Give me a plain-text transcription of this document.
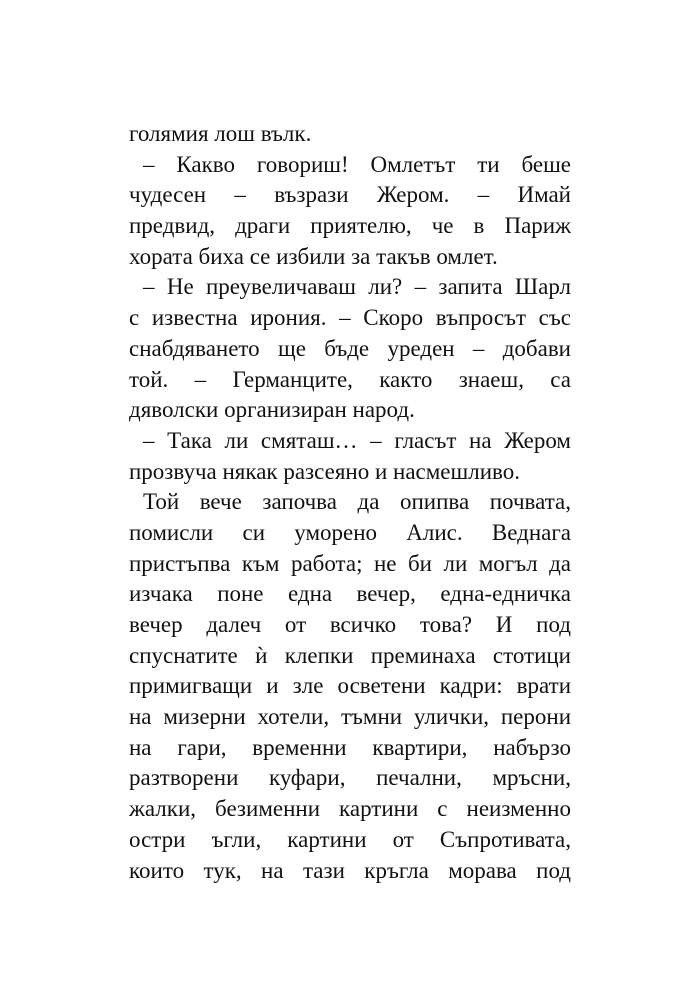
голямия лош вълк.
– Какво говориш! Омлетът ти беше
чудесен – възрази Жером. – Имай
предвид, драги приятелю, че в Париж
хората биха се избили за такъв омлет.
– Не преувеличаваш ли? – запита Шарл
с известна ирония. – Скоро въпросът със
снабдяването ще бъде уреден – добави
той. – Германците, както знаеш, са
дяволски организиран народ.
– Така ли смяташ… – гласът на Жером
прозвуча някак разсеяно и насмешливо.
Той вече започва да опипва почвата,
помисли си уморено Алис. Веднага
пристъпва към работа; не би ли могъл да
изчака поне една вечер, една-едничка
вечер далеч от всичко това? И под
спуснатите ѝ клепки преминаха стотици
примигващи и зле осветени кадри: врати
на мизерни хотели, тъмни улички, перони
на гари, временни квартири, набързо
разтворени куфари, печални, мръсни,
жалки, безименни картини с неизменно
остри ъгли, картини от Съпротивата,
които тук, на тази кръгла морава под
